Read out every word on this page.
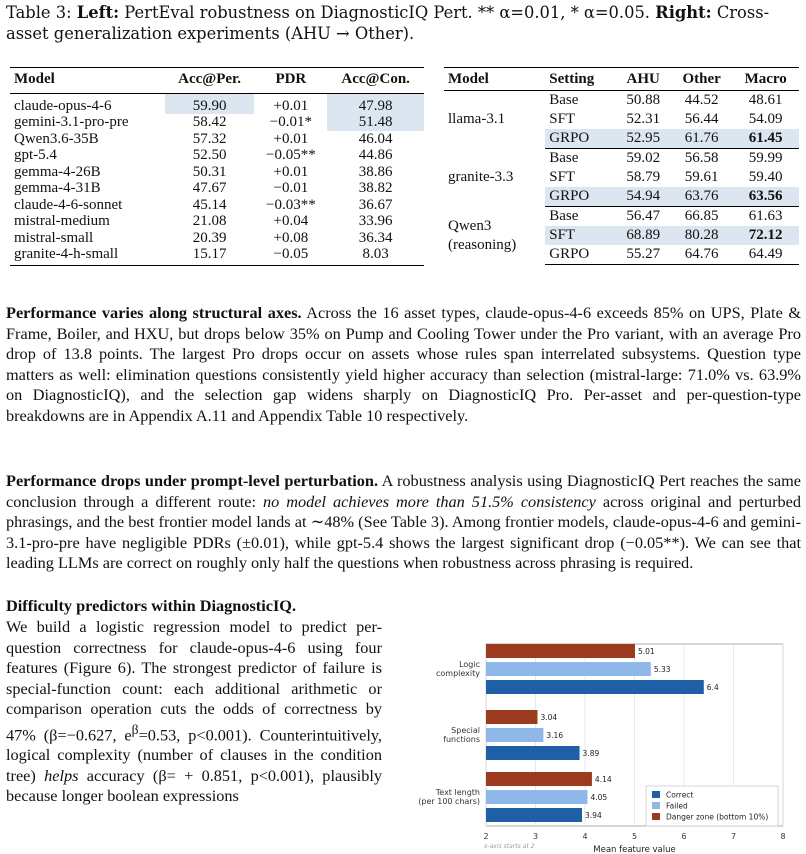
Table 3: Left: PertEval robustness on DiagnosticIQ Pert. ** α=0.01, * α=0.05. Right: Cross-asset generalization experiments (AHU → Other).
Model	Acc@Per.	PDR	Acc@Con.
claude-opus-4-6	59.90	+0.01	47.98
gemini-3.1-pro-pre	58.42	−0.01*	51.48
Qwen3.6-35B	57.32	+0.01	46.04
gpt-5.4	52.50	−0.05**	44.86
gemma-4-26B	50.31	+0.01	38.86
gemma-4-31B	47.67	−0.01	38.82
claude-4-6-sonnet	45.14	−0.03**	36.67
mistral-medium	21.08	+0.04	33.96
mistral-small	20.39	+0.08	36.34
granite-4-h-small	15.17	−0.05	8.03
Model	Setting	AHU	Other	Macro

llama-3.1	Base	50.88	44.52	48.61
	SFT	52.31	56.44	54.09
	GRPO	52.95	61.76	61.45

granite-3.3	Base	59.02	56.58	59.99
	SFT	58.79	59.61	59.40
	GRPO	54.94	63.76	63.56

Qwen3
(reasoning)	Base	56.47	66.85	61.63
	SFT	68.89	80.28	72.12
	GRPO	55.27	64.76	64.49
Performance varies along structural axes. Across the 16 asset types, claude-opus-4-6 exceeds 85% on UPS, Plate & Frame, Boiler, and HXU, but drops below 35% on Pump and Cooling Tower under the Pro variant, with an average Pro drop of 13.8 points. The largest Pro drops occur on assets whose rules span interrelated subsystems. Question type matters as well: elimination questions consistently yield higher accuracy than selection (mistral-large: 71.0% vs. 63.9% on DiagnosticIQ), and the selection gap widens sharply on DiagnosticIQ Pro. Per-asset and per-question-type breakdowns are in Appendix A.11 and Appendix Table 10 respectively.
Performance drops under prompt-level perturbation. A robustness analysis using DiagnosticIQ Pert reaches the same conclusion through a different route: no model achieves more than 51.5% consistency across original and perturbed phrasings, and the best frontier model lands at ∼48% (See Table 3). Among frontier models, claude-opus-4-6 and gemini-3.1-pro-pre have negligible PDRs (±0.01), while gpt-5.4 shows the largest significant drop (−0.05**). We can see that leading LLMs are correct on roughly only half the questions when robustness across phrasing is required.
Difficulty predictors within DiagnosticIQ.
We build a logistic regression model to predict per-question correctness for claude-opus-4-6 using four features (Figure 6). The strongest predictor of failure is special-function count: each additional arithmetic or comparison operation cuts the odds of correctness by 47% (β=−0.627, $e^\beta=0.53$, p<0.001). Counterintuitively, logical complexity (number of clauses in the condition tree) helps accuracy (β= + 0.851, p<0.001), plausibly because longer boolean expressions
2	3	4	5	6	7	8
x-axis starts at 2	Mean feature value
5.01
5.33
6.4
Logic
complexity
3.04
3.16
3.89
Special
functions
4.14
4.05
3.94
Text length
(per 100 chars)
Correct
Failed
Danger zone (bottom 10%)
